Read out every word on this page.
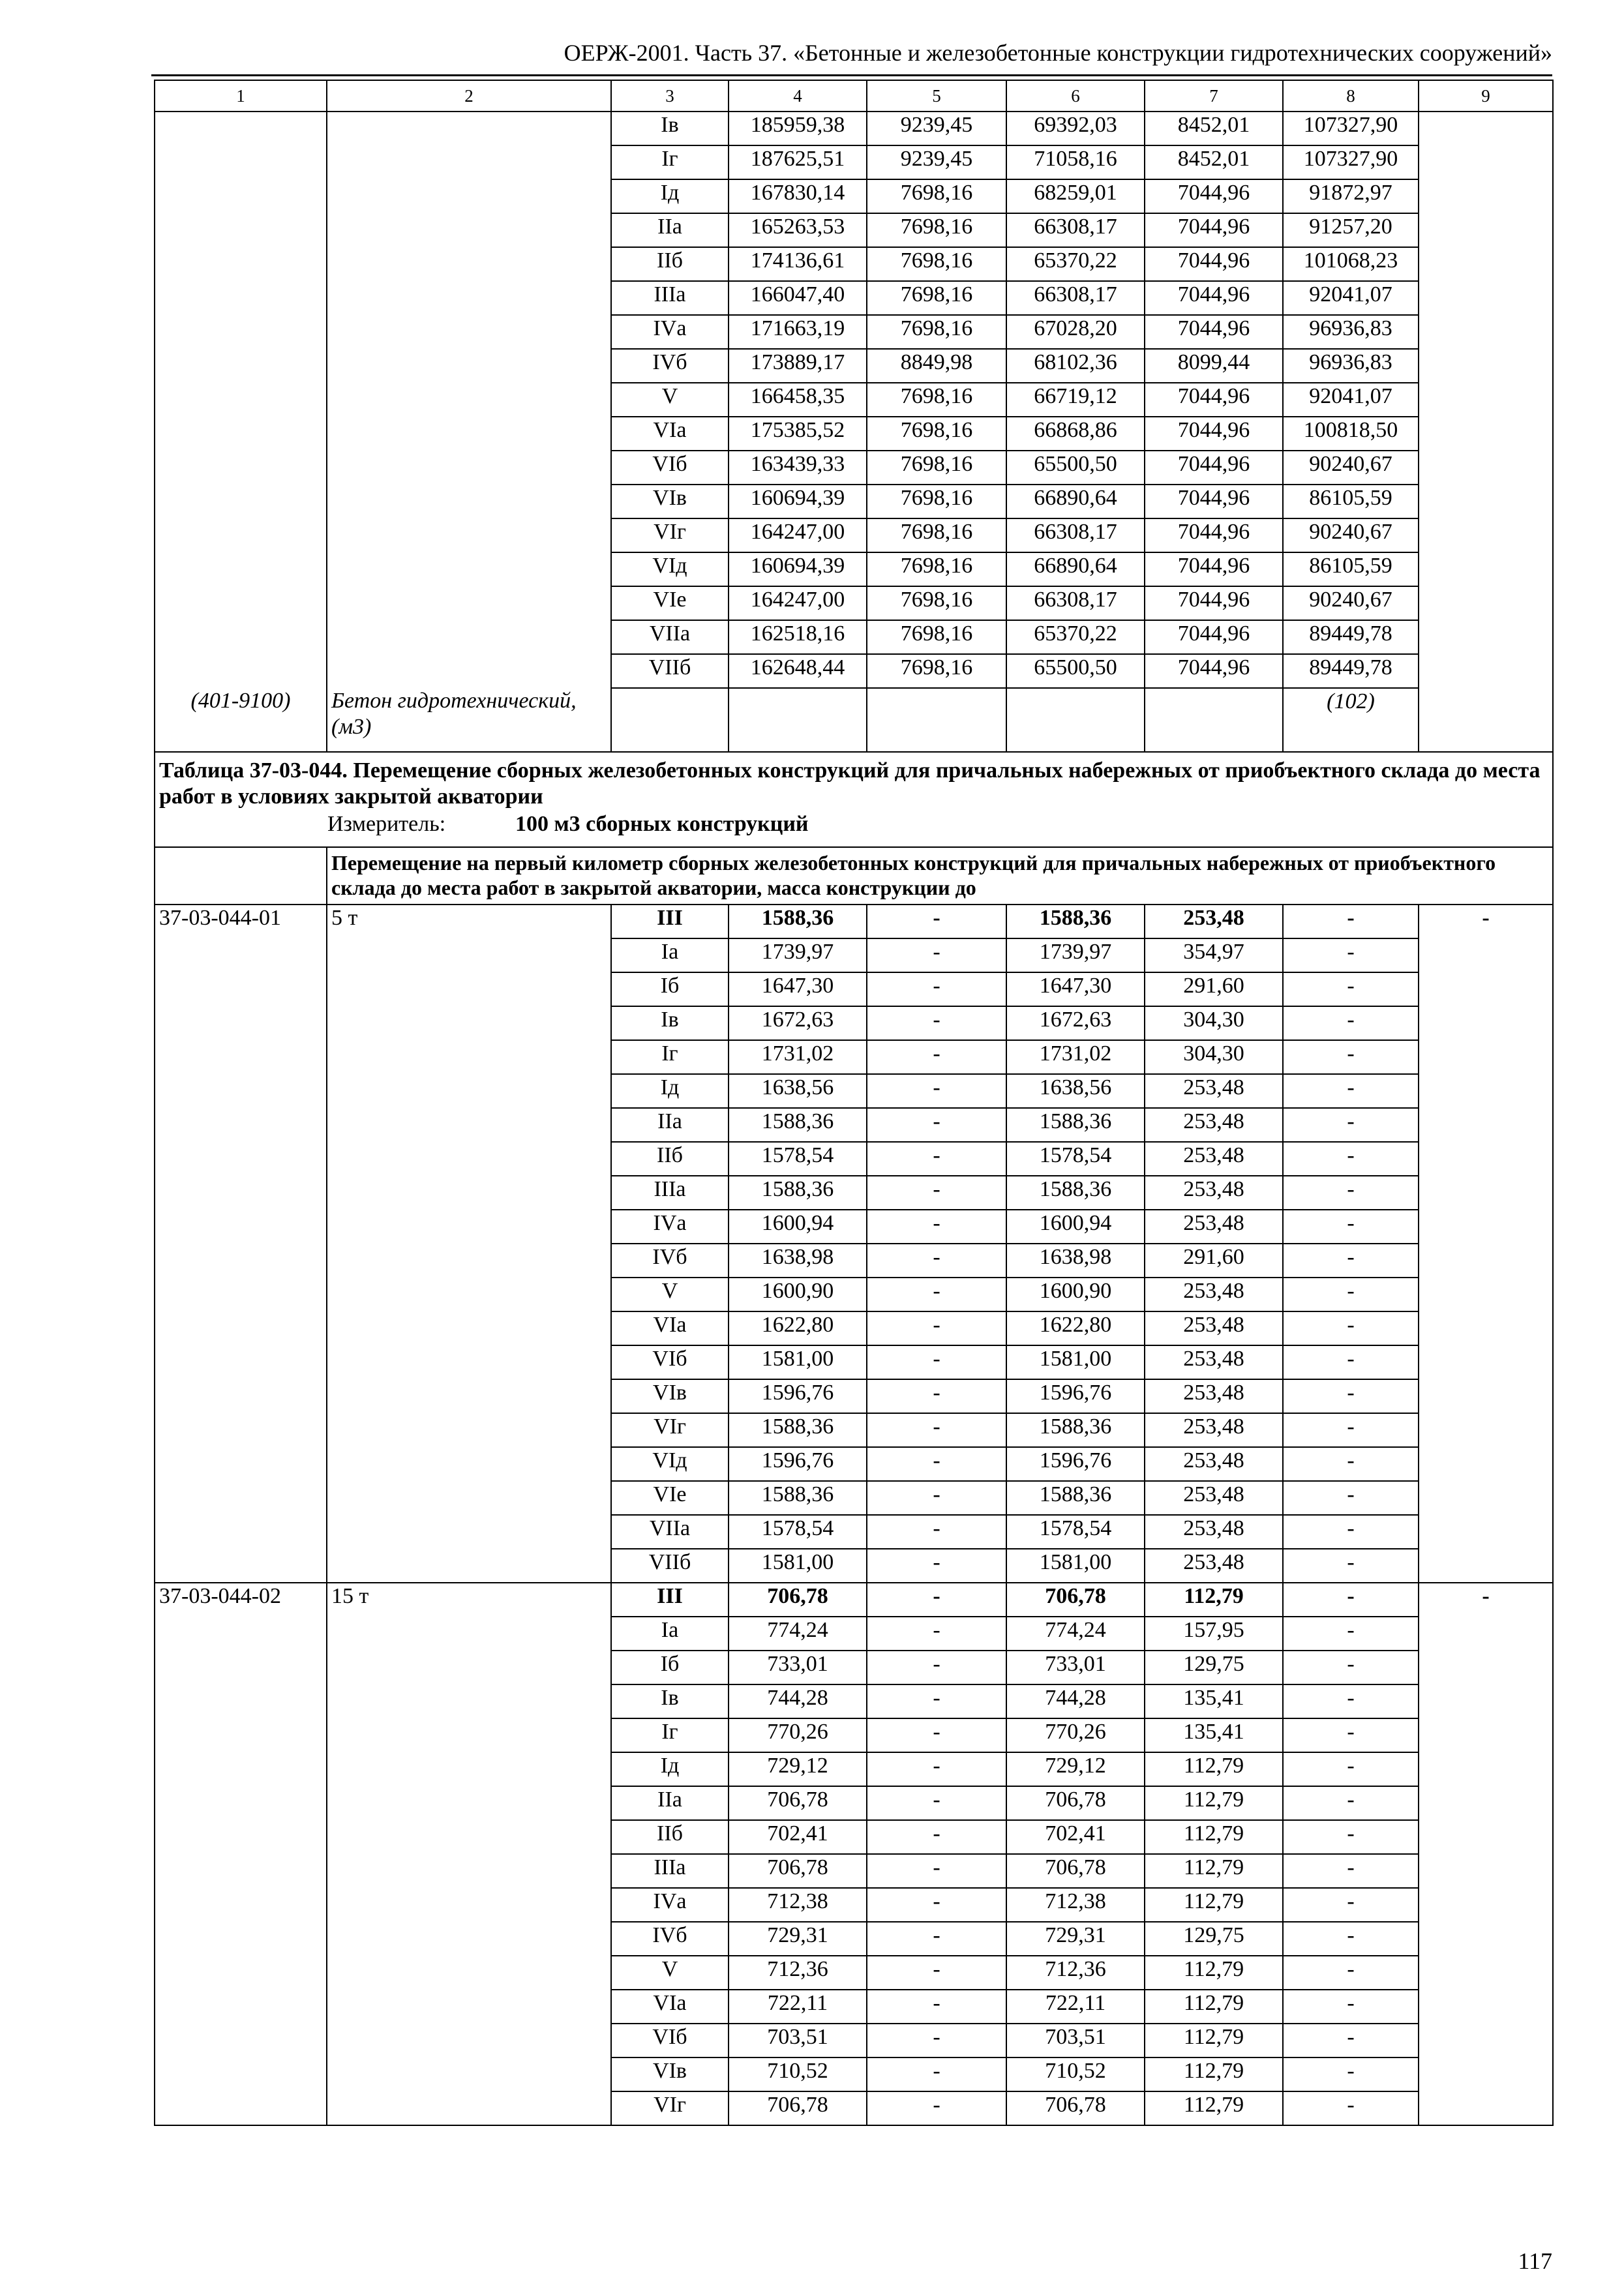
ОЕРЖ-2001. Часть 37. «Бетонные и железобетонные конструкции гидротехнических сооружений»
1	2	3	4	5	6	7	8	9
		Iв	185959,38	9239,45	69392,03	8452,01	107327,90	
		Iг	187625,51	9239,45	71058,16	8452,01	107327,90	
		Iд	167830,14	7698,16	68259,01	7044,96	91872,97	
		IIа	165263,53	7698,16	66308,17	7044,96	91257,20	
		IIб	174136,61	7698,16	65370,22	7044,96	101068,23	
		IIIа	166047,40	7698,16	66308,17	7044,96	92041,07	
		IVа	171663,19	7698,16	67028,20	7044,96	96936,83	
		IVб	173889,17	8849,98	68102,36	8099,44	96936,83	
		V	166458,35	7698,16	66719,12	7044,96	92041,07	
		VIа	175385,52	7698,16	66868,86	7044,96	100818,50	
		VIб	163439,33	7698,16	65500,50	7044,96	90240,67	
		VIв	160694,39	7698,16	66890,64	7044,96	86105,59	
		VIг	164247,00	7698,16	66308,17	7044,96	90240,67	
		VIд	160694,39	7698,16	66890,64	7044,96	86105,59	
		VIе	164247,00	7698,16	66308,17	7044,96	90240,67	
		VIIа	162518,16	7698,16	65370,22	7044,96	89449,78	
		VIIб	162648,44	7698,16	65500,50	7044,96	89449,78	
(401-9100)	Бетон гидротехнический, (м3)						(102)	
Таблица 37-03-044. Перемещение сборных железобетонных конструкций для причальных набережных от приобъектного склада до места работ в условиях закрытой акватории								
Измеритель: 100 м3 сборных конструкций								
	Перемещение на первый километр сборных железобетонных конструкций для причальных набережных от приобъектного склада до места работ в закрытой акватории, масса конструкции до							
37-03-044-01	5 т	III	1588,36	-	1588,36	253,48	-	-
		Iа	1739,97	-	1739,97	354,97	-	
		Iб	1647,30	-	1647,30	291,60	-	
		Iв	1672,63	-	1672,63	304,30	-	
		Iг	1731,02	-	1731,02	304,30	-	
		Iд	1638,56	-	1638,56	253,48	-	
		IIа	1588,36	-	1588,36	253,48	-	
		IIб	1578,54	-	1578,54	253,48	-	
		IIIа	1588,36	-	1588,36	253,48	-	
		IVа	1600,94	-	1600,94	253,48	-	
		IVб	1638,98	-	1638,98	291,60	-	
		V	1600,90	-	1600,90	253,48	-	
		VIа	1622,80	-	1622,80	253,48	-	
		VIб	1581,00	-	1581,00	253,48	-	
		VIв	1596,76	-	1596,76	253,48	-	
		VIг	1588,36	-	1588,36	253,48	-	
		VIд	1596,76	-	1596,76	253,48	-	
		VIе	1588,36	-	1588,36	253,48	-	
		VIIа	1578,54	-	1578,54	253,48	-	
		VIIб	1581,00	-	1581,00	253,48	-	
37-03-044-02	15 т	III	706,78	-	706,78	112,79	-	-
		Iа	774,24	-	774,24	157,95	-	
		Iб	733,01	-	733,01	129,75	-	
		Iв	744,28	-	744,28	135,41	-	
		Iг	770,26	-	770,26	135,41	-	
		Iд	729,12	-	729,12	112,79	-	
		IIа	706,78	-	706,78	112,79	-	
		IIб	702,41	-	702,41	112,79	-	
		IIIа	706,78	-	706,78	112,79	-	
		IVа	712,38	-	712,38	112,79	-	
		IVб	729,31	-	729,31	129,75	-	
		V	712,36	-	712,36	112,79	-	
		VIа	722,11	-	722,11	112,79	-	
		VIб	703,51	-	703,51	112,79	-	
		VIв	710,52	-	710,52	112,79	-	
		VIг	706,78	-	706,78	112,79	-	
117
